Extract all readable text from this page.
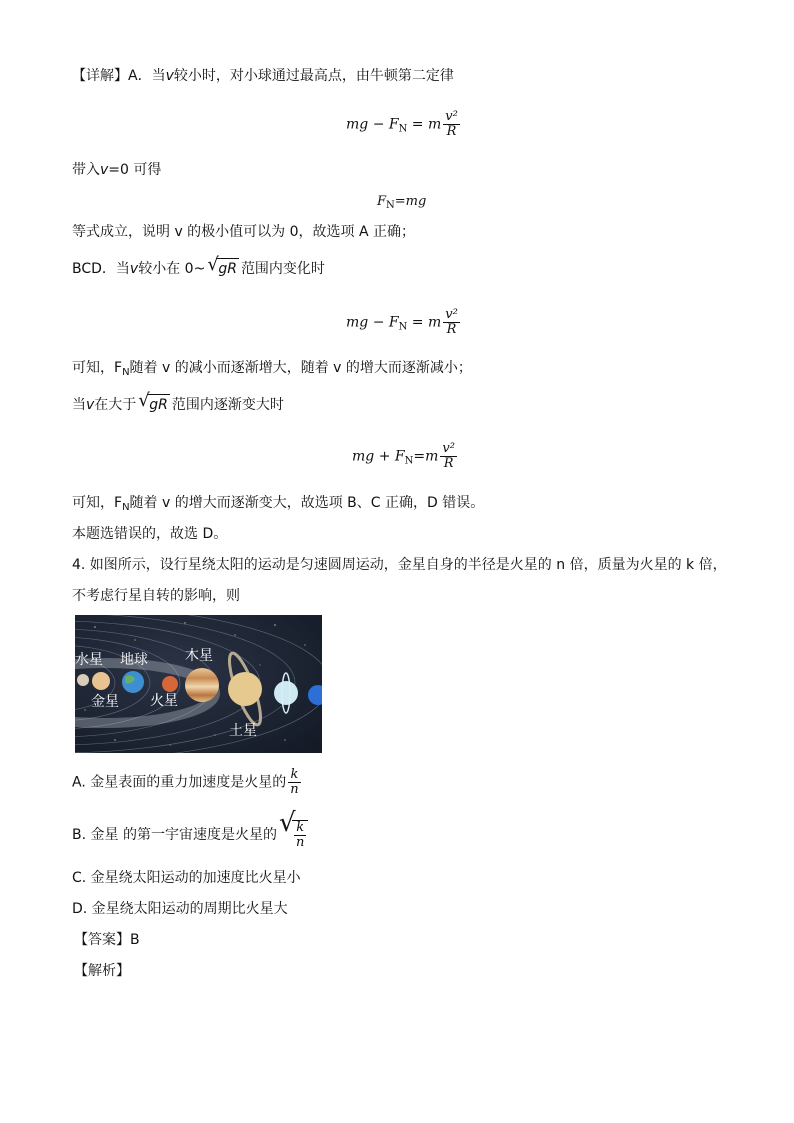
【详解】A．当v较小时，对小球通过最高点，由牛顿第二定律
mg − $F_N = m \frac{\text{v²}}{R}$
带入v=0 可得
$F_N=mg$
等式成立，说明 v 的极小值可以为 0，故选项 A 正确；
BCD．当v较小在 0~ √ gR 范围内变化时
mg − $F_N = m \frac{\text{v²}}{R}$
可知，$F_N$随着 v 的减小而逐渐增大，随着 v 的增大而逐渐减小；
当v在大于 √ gR 范围内逐渐变大时
mg + $F_N=m \frac{\text{v²}}{R}$
可知，$F_N$随着 v 的增大而逐渐变大，故选项 B、C 正确，D 错误。
本题选错误的，故选 D。
4. 如图所示，设行星绕太阳的运动是匀速圆周运动，金星自身的半径是火星的 n 倍，质量为火星的 k 倍，
不考虑行星自转的影响，则
水星 地球	木星
金星 火星
土星
A. 金星表面的重力加速度是火星的 $\frac{k}{n}$
B. 金星 的第一宇宙速度是火星的 √
$\frac{k}{n}$
C. 金星绕太阳运动的加速度比火星小
D. 金星绕太阳运动的周期比火星大
【答案】B
【解析】
